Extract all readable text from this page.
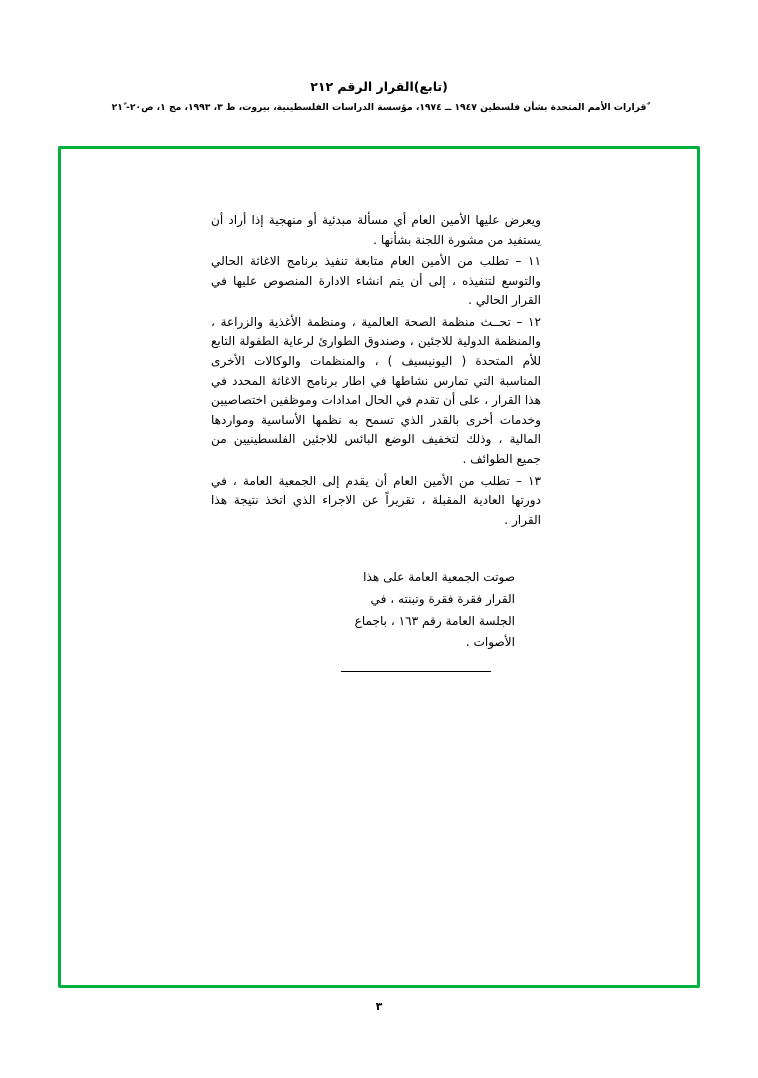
(تابع)القرار الرقم ٢١٢
ٌقرارات الأمم المتحدة بشأن فلسطين ١٩٤٧ ــ ١٩٧٤، مؤسسة الدراسات الفلسطينية، بيروت، ط ٣، ١٩٩٣، مج ١، ص٢٠- ٢١ً

ويعرض عليها الأمين العام أي مسألة مبدئية أو منهجية إذا أراد أن يستفيد من مشورة اللجنة بشأنها .

١١ – تطلب من الأمين العام متابعة تنفيذ برنامج الاغاثة الحالي والتوسع لتنفيذه ، إلى أن يتم انشاء الادارة المنصوص عليها في القرار الحالي .

١٢ – تحــث منظمة الصحة العالمية ، ومنظمة الأغذية والزراعة ، والمنظمة الدولية للاجئين ، وصندوق الطوارئ لرعاية الطفولة التابع للأم المتحدة ( اليونيسيف ) ، والمنظمات والوكالات الأخرى المناسبة التي تمارس نشاطها في اطار برنامج الاغاثة المحدد في هذا القرار ، على أن تقدم في الحال امدادات وموظفين اختصاصيين وخدمات أخرى بالقدر الذي تسمح به نظمها الأساسية ومواردها المالية ، وذلك لتخفيف الوضع البائس للاجئين الفلسطينيين من جميع الطوائف .

١٣ – تطلب من الأمين العام أن يقدم إلى الجمعية العامة ، في دورتها العادية المقبلة ، تقريراً عن الاجراء الذي اتخذ نتيجة هذا القرار .

صوتت الجمعية العامة على هذا

القرار فقرة فقرة وتبنته ، في

الجلسة العامة رقم ١٦٣ ، باجماع

الأصوات .

٣
